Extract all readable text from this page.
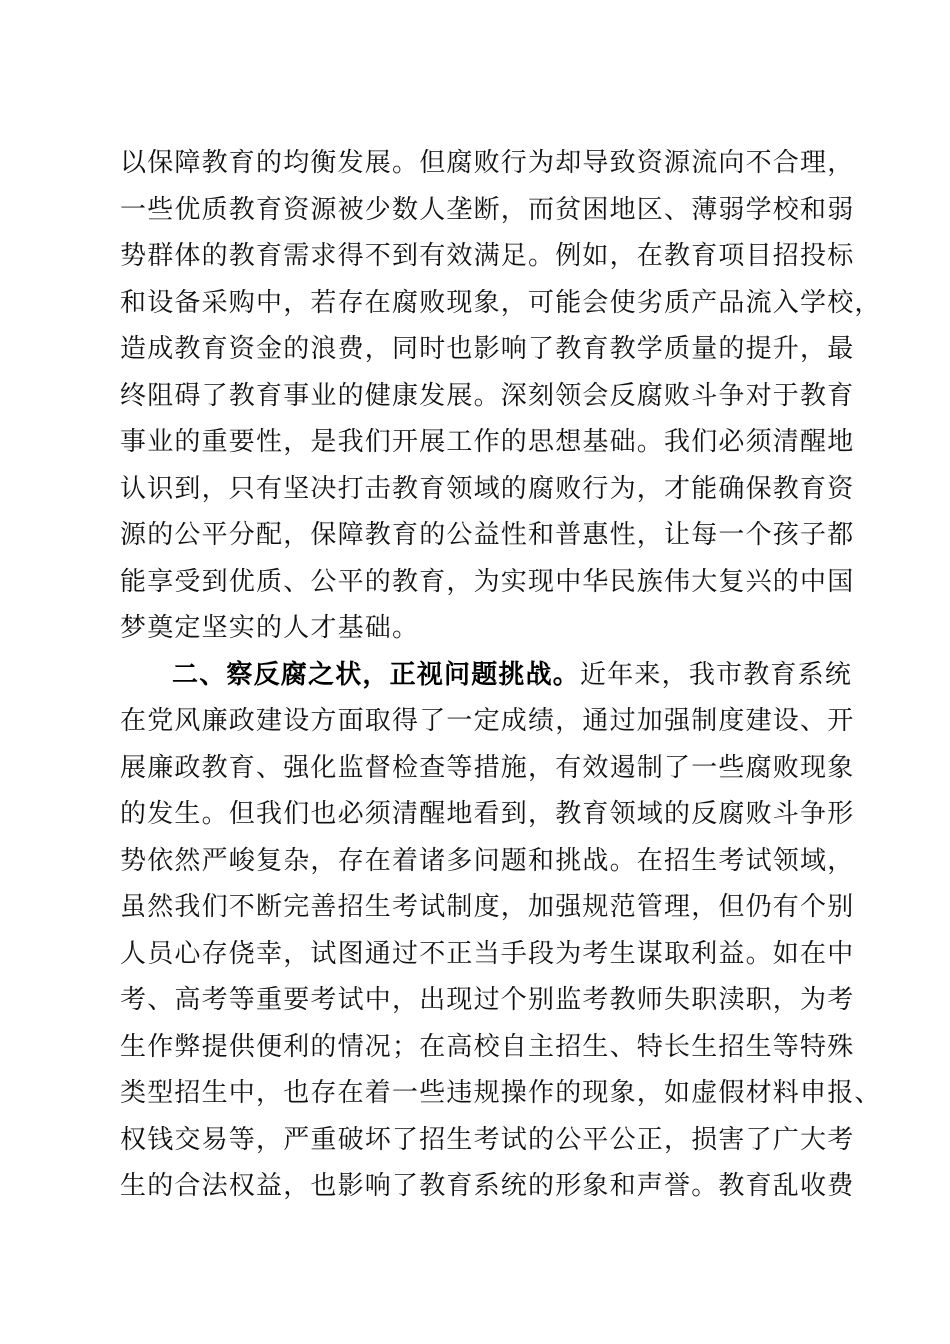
以保障教育的均衡发展。但腐败行为却导致资源流向不合理，
一些优质教育资源被少数人垄断，而贫困地区、薄弱学校和弱
势群体的教育需求得不到有效满足。例如，在教育项目招投标
和设备采购中，若存在腐败现象，可能会使劣质产品流入学校，
造成教育资金的浪费，同时也影响了教育教学质量的提升，最
终阻碍了教育事业的健康发展。深刻领会反腐败斗争对于教育
事业的重要性，是我们开展工作的思想基础。我们必须清醒地
认识到，只有坚决打击教育领域的腐败行为，才能确保教育资
源的公平分配，保障教育的公益性和普惠性，让每一个孩子都
能享受到优质、公平的教育，为实现中华民族伟大复兴的中国
梦奠定坚实的人才基础。
二、察反腐之状，正视问题挑战。近年来，我市教育系统
在党风廉政建设方面取得了一定成绩，通过加强制度建设、开
展廉政教育、强化监督检查等措施，有效遏制了一些腐败现象
的发生。但我们也必须清醒地看到，教育领域的反腐败斗争形
势依然严峻复杂，存在着诸多问题和挑战。在招生考试领域，
虽然我们不断完善招生考试制度，加强规范管理，但仍有个别
人员心存侥幸，试图通过不正当手段为考生谋取利益。如在中
考、高考等重要考试中，出现过个别监考教师失职渎职，为考
生作弊提供便利的情况；在高校自主招生、特长生招生等特殊
类型招生中，也存在着一些违规操作的现象，如虚假材料申报、
权钱交易等，严重破坏了招生考试的公平公正，损害了广大考
生的合法权益，也影响了教育系统的形象和声誉。教育乱收费
